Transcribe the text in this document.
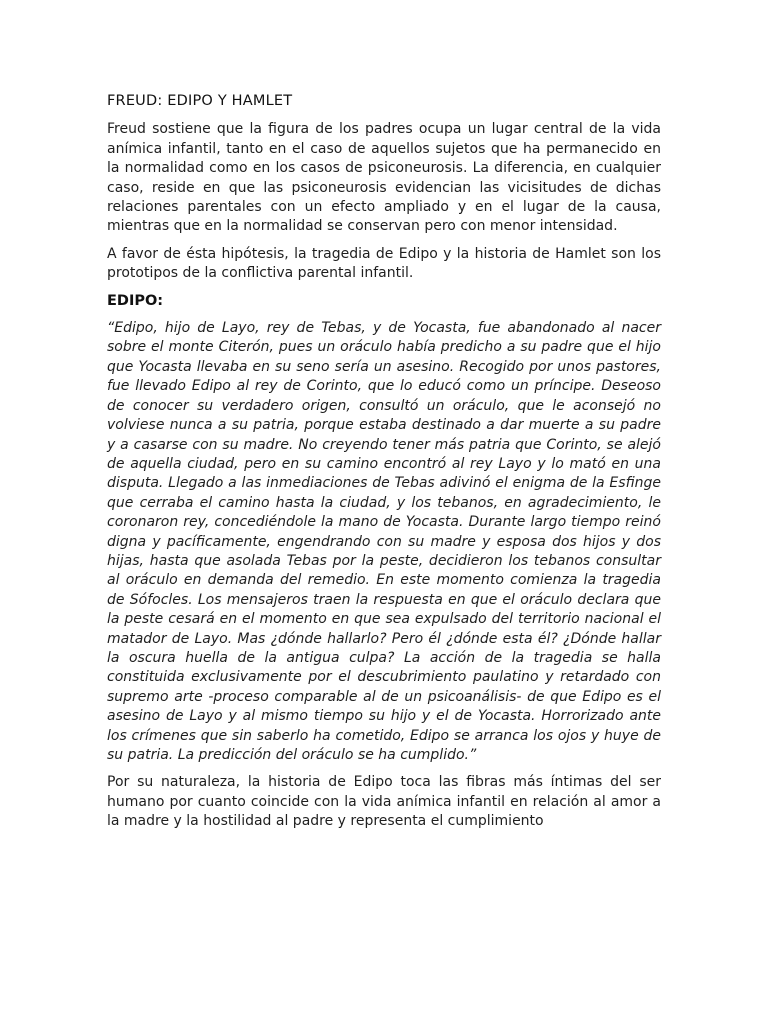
FREUD: EDIPO Y HAMLET

Freud sostiene que la figura de los padres ocupa un lugar central de la vida anímica infantil, tanto en el caso de aquellos sujetos que ha permanecido en la normalidad como en los casos de psiconeurosis. La diferencia, en cualquier caso, reside en que las psiconeurosis evidencian las vicisitudes de dichas relaciones parentales con un efecto ampliado y en el lugar de la causa, mientras que en la normalidad se conservan pero con menor intensidad.

A favor de ésta hipótesis, la tragedia de Edipo y la historia de Hamlet son los prototipos de la conflictiva parental infantil.

EDIPO:

“Edipo, hijo de Layo, rey de Tebas, y de Yocasta, fue abandonado al nacer sobre el monte Citerón, pues un oráculo había predicho a su padre que el hijo que Yocasta llevaba en su seno sería un asesino. Recogido por unos pastores, fue llevado Edipo al rey de Corinto, que lo educó como un príncipe. Deseoso de conocer su verdadero origen, consultó un oráculo, que le aconsejó no volviese nunca a su patria, porque estaba destinado a dar muerte a su padre y a casarse con su madre. No creyendo tener más patria que Corinto, se alejó de aquella ciudad, pero en su camino encontró al rey Layo y lo mató en una disputa. Llegado a las inmediaciones de Tebas adivinó el enigma de la Esfinge que cerraba el camino hasta la ciudad, y los tebanos, en agradecimiento, le coronaron rey, concediéndole la mano de Yocasta. Durante largo tiempo reinó digna y pacíficamente, engendrando con su madre y esposa dos hijos y dos hijas, hasta que asolada Tebas por la peste, decidieron los tebanos consultar al oráculo en demanda del remedio. En este momento comienza la tragedia de Sófocles. Los mensajeros traen la respuesta en que el oráculo declara que la peste cesará en el momento en que sea expulsado del territorio nacional el matador de Layo. Mas ¿dónde hallarlo? Pero él ¿dónde esta él? ¿Dónde hallar la oscura huella de la antigua culpa? La acción de la tragedia se halla constituida exclusivamente por el descubrimiento paulatino y retardado con supremo arte -proceso comparable al de un psicoanálisis- de que Edipo es el asesino de Layo y al mismo tiempo su hijo y el de Yocasta. Horrorizado ante los crímenes que sin saberlo ha cometido, Edipo se arranca los ojos y huye de su patria. La predicción del oráculo se ha cumplido.”

Por su naturaleza, la historia de Edipo toca las fibras más íntimas del ser humano por cuanto coincide con la vida anímica infantil en relación al amor a la madre y la hostilidad al padre y representa el cumplimiento
